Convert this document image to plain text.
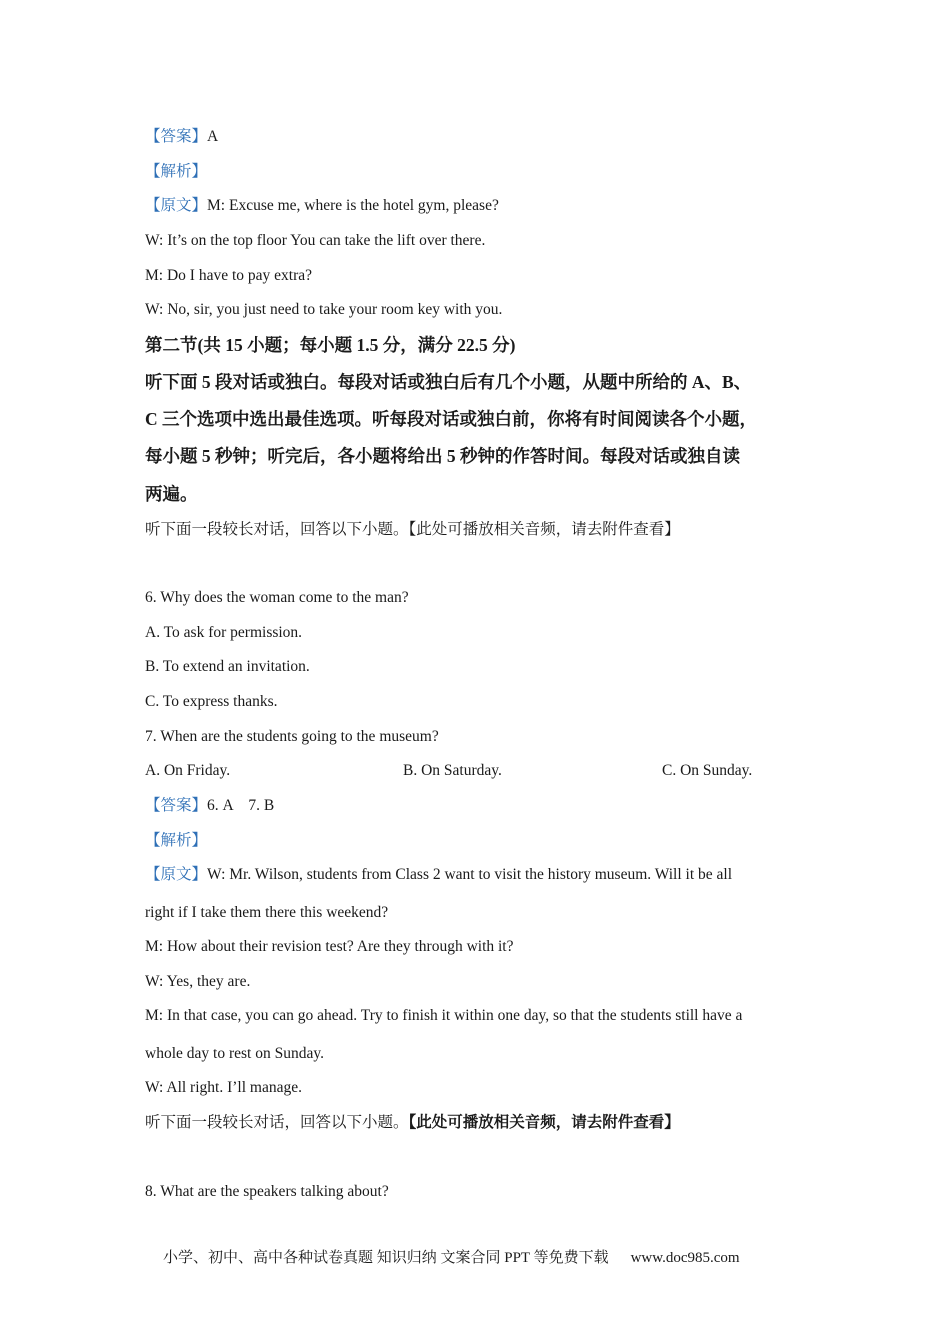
【答案】A
【解析】
【原文】M: Excuse me, where is the hotel gym, please?
W: It’s on the top floor You can take the lift over there.
M: Do I have to pay extra?
W: No, sir, you just need to take your room key with you.
第二节(共 15 小题；每小题 1.5 分，满分 22.5 分)
听下面 5 段对话或独白。每段对话或独白后有几个小题，从题中所给的 A、B、
C 三个选项中选出最佳选项。听每段对话或独白前，你将有时间阅读各个小题，
每小题 5 秒钟；听完后，各小题将给出 5 秒钟的作答时间。每段对话或独自读
两遍。
听下面一段较长对话，回答以下小题。【此处可播放相关音频，请去附件查看】
6. Why does the woman come to the man?
A. To ask for permission.
B. To extend an invitation.
C. To express thanks.
7. When are the students going to the museum?
A. On Friday.	B. On Saturday.	C. On Sunday.
【答案】6. A    7. B
【解析】
【原文】W: Mr. Wilson, students from Class 2 want to visit the history museum. Will it be all
right if I take them there this weekend?
M: How about their revision test? Are they through with it?
W: Yes, they are.
M: In that case, you can go ahead. Try to finish it within one day, so that the students still have a
whole day to rest on Sunday.
W: All right. I’ll manage.
听下面一段较长对话，回答以下小题。【此处可播放相关音频，请去附件查看】
8. What are the speakers talking about?
小学、初中、高中各种试卷真题 知识归纳 文案合同 PPT 等免费下载 www.doc985.com
